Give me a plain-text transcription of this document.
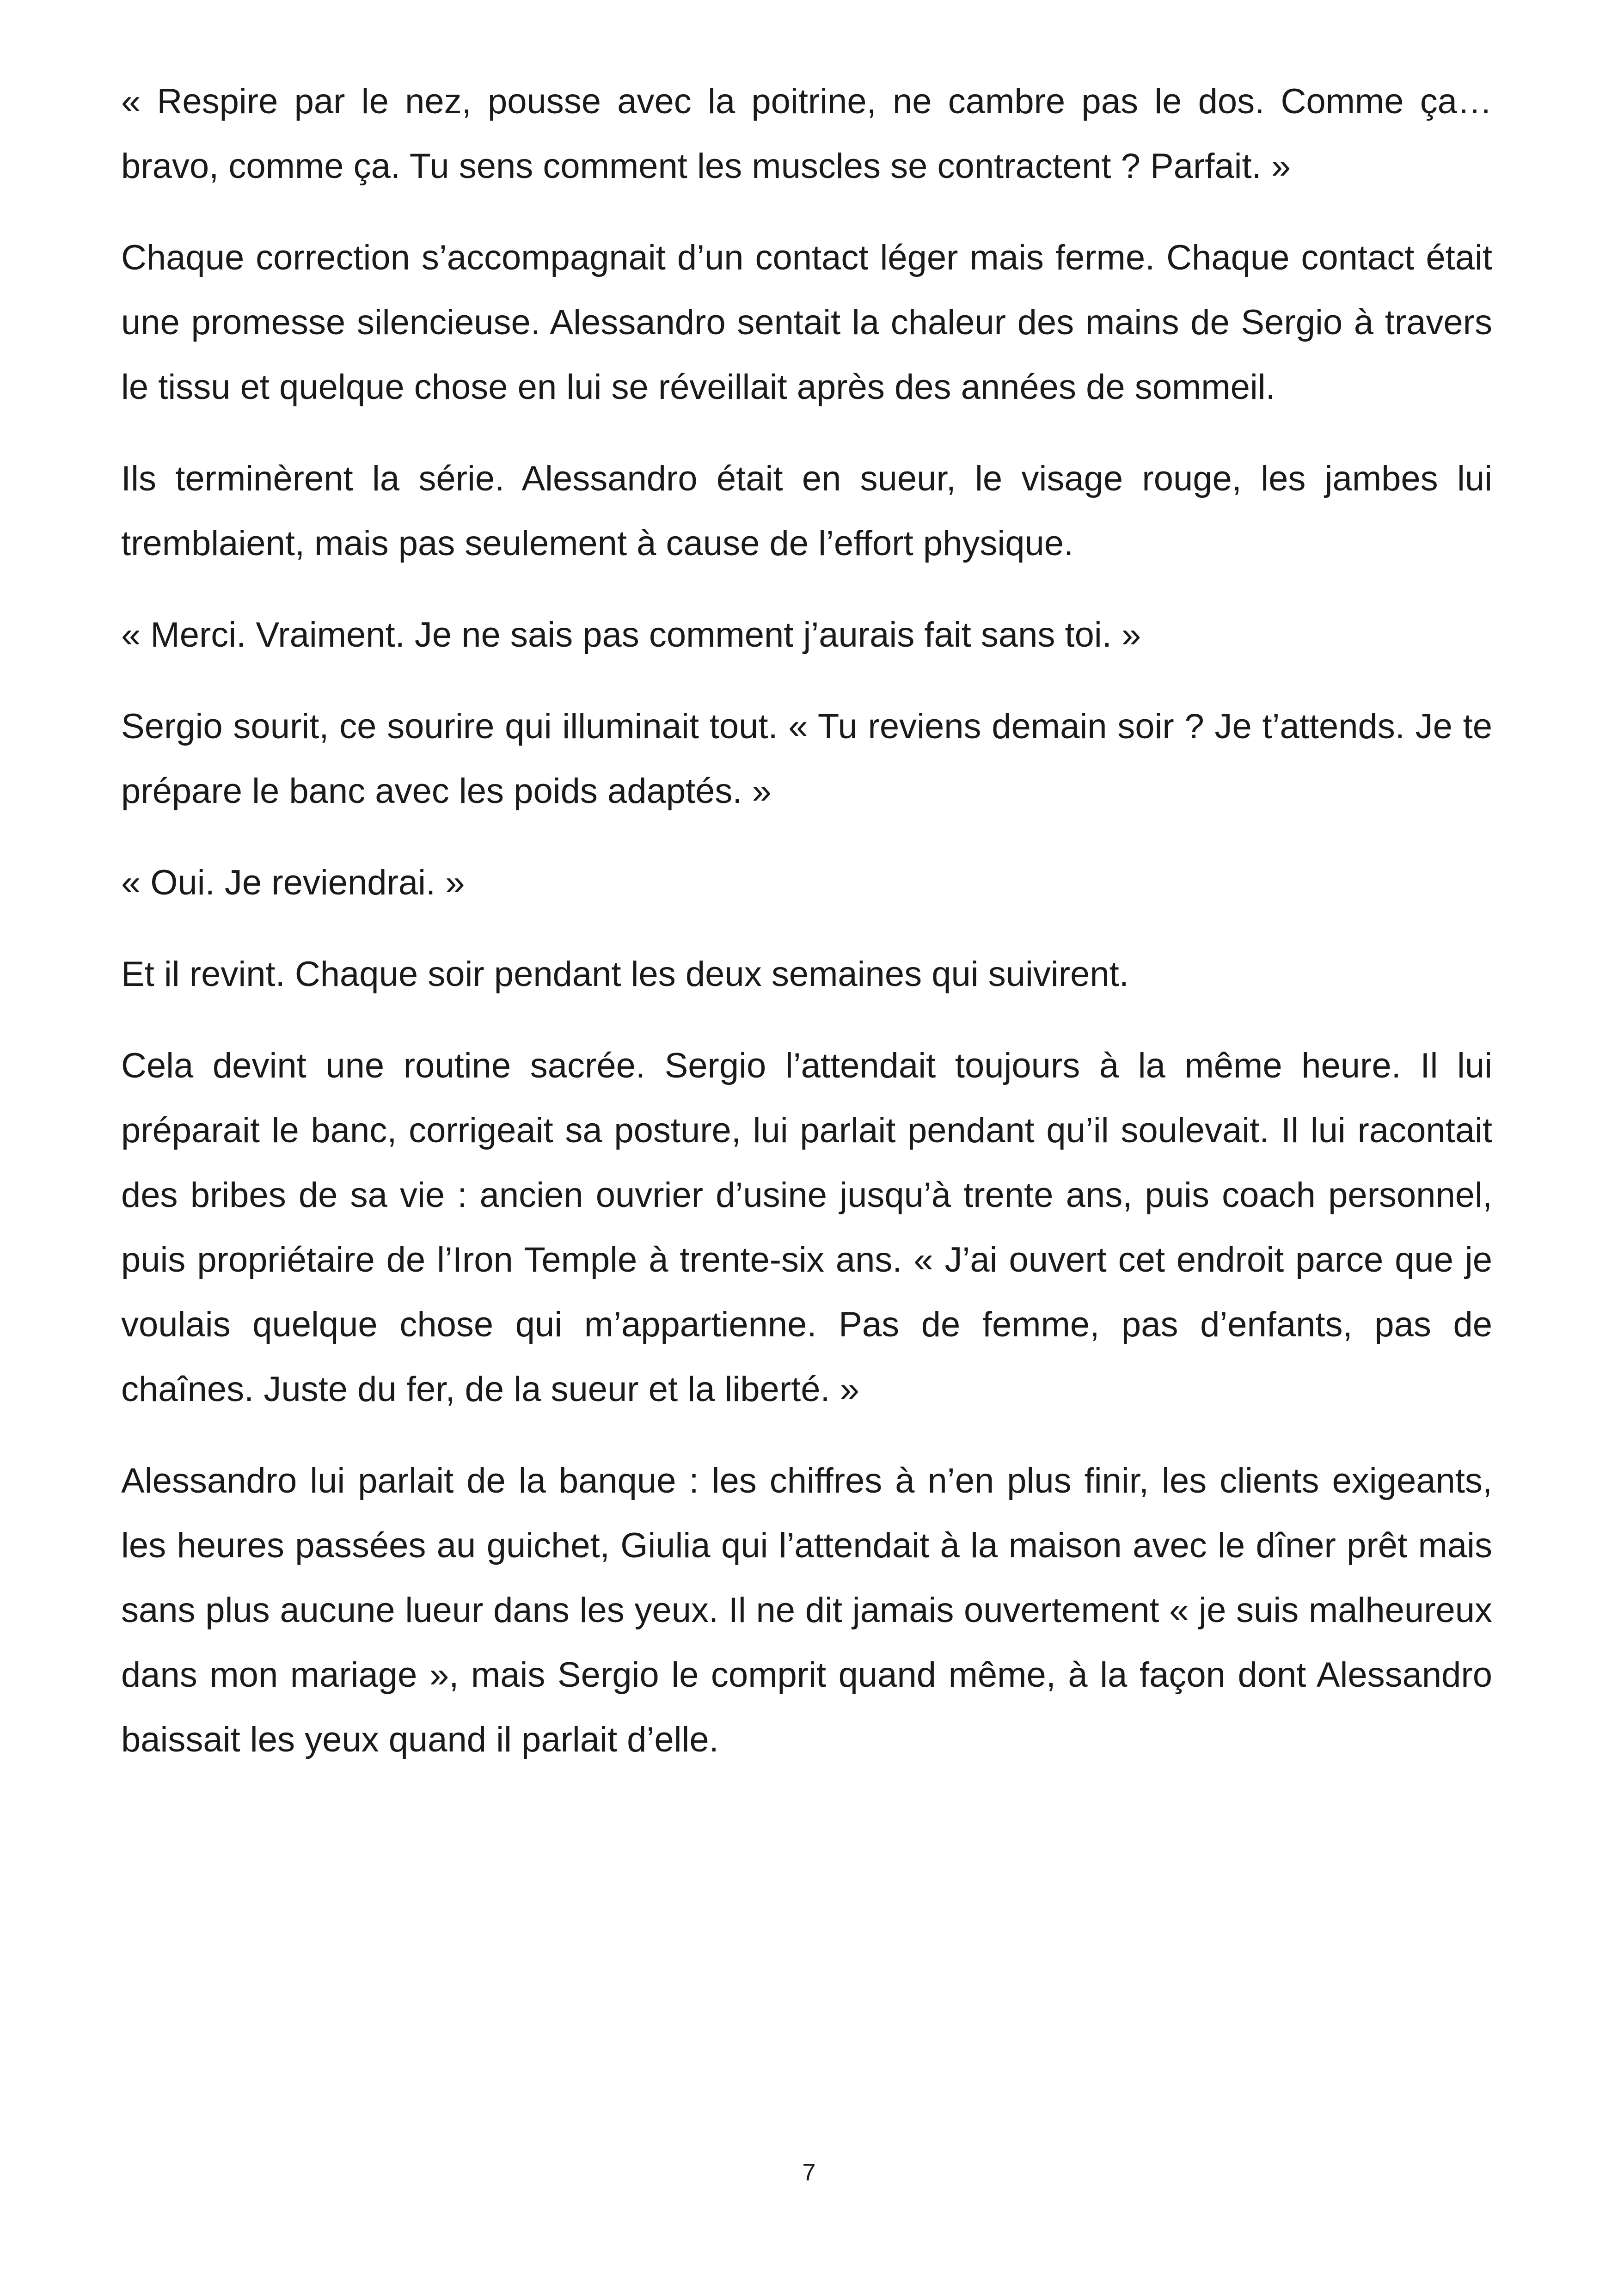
« Respire par le nez, pousse avec la poitrine, ne cambre pas le dos. Comme ça… bravo, comme ça. Tu sens comment les muscles se contractent ? Parfait. »

Chaque correction s’accompagnait d’un contact léger mais ferme. Chaque contact était une promesse silencieuse. Alessandro sentait la chaleur des mains de Sergio à travers le tissu et quelque chose en lui se réveillait après des années de sommeil.

Ils terminèrent la série. Alessandro était en sueur, le visage rouge, les jambes lui tremblaient, mais pas seulement à cause de l’effort physique.

« Merci. Vraiment. Je ne sais pas comment j’aurais fait sans toi. »

Sergio sourit, ce sourire qui illuminait tout. « Tu reviens demain soir ? Je t’attends. Je te prépare le banc avec les poids adaptés. »

« Oui. Je reviendrai. »

Et il revint. Chaque soir pendant les deux semaines qui suivirent.

Cela devint une routine sacrée. Sergio l’attendait toujours à la même heure. Il lui préparait le banc, corrigeait sa posture, lui parlait pendant qu’il soulevait. Il lui racontait des bribes de sa vie : ancien ouvrier d’usine jusqu’à trente ans, puis coach personnel, puis propriétaire de l’Iron Temple à trente-six ans. « J’ai ouvert cet endroit parce que je voulais quelque chose qui m’appartienne. Pas de femme, pas d’enfants, pas de chaînes. Juste du fer, de la sueur et la liberté. »

Alessandro lui parlait de la banque : les chiffres à n’en plus finir, les clients exigeants, les heures passées au guichet, Giulia qui l’attendait à la maison avec le dîner prêt mais sans plus aucune lueur dans les yeux. Il ne dit jamais ouvertement « je suis malheureux dans mon mariage », mais Sergio le comprit quand même, à la façon dont Alessandro baissait les yeux quand il parlait d’elle.

7
